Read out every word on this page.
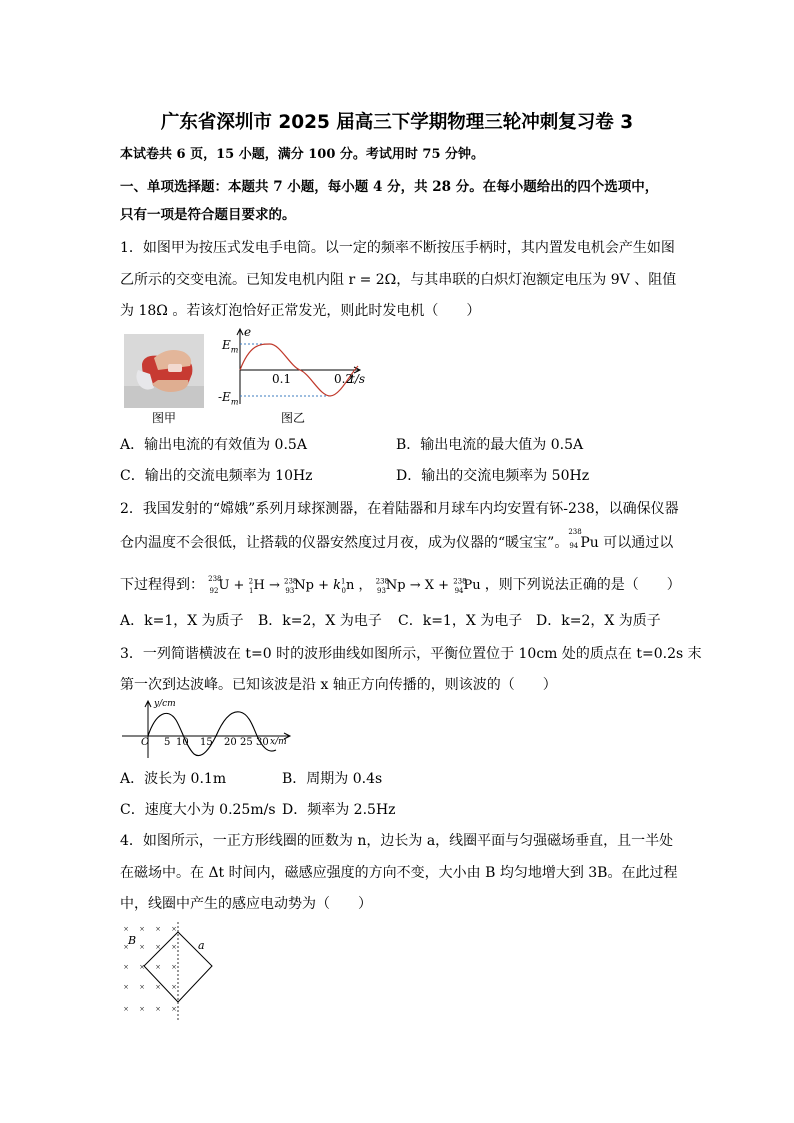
广东省深圳市 2025 届高三下学期物理三轮冲刺复习卷 3
本试卷共 6 页，15 小题，满分 100 分。考试用时 75 分钟。
一、单项选择题：本题共 7 小题，每小题 4 分，共 28 分。在每小题给出的四个选项中，
只有一项是符合题目要求的。
1．如图甲为按压式发电手电筒。以一定的频率不断按压手柄时，其内置发电机会产生如图
乙所示的交变电流。已知发电机内阻 r = 2Ω，与其串联的白炽灯泡额定电压为 9V 、阻值
为 18Ω 。若该灯泡恰好正常发光，则此时发电机（　　）
图甲
e
$E_m$
$-E_m$
0.1	0.2
t/s
图乙
A．输出电流的有效值为 0.5A	B．输出电流的最大值为 0.5A
C．输出的交流电频率为 10Hz	D．输出的交流电频率为 50Hz
2．我国发射的“嫦娥”系列月球探测器，在着陆器和月球车内均安置有钚-238，以确保仪器
仓内温度不会很低，让搭载的仪器安然度过月夜，成为仪器的“暖宝宝”。
238
94 Pu 可以通过以
下过程得到： $^{238}_{92}U + ^2_1H \to ^{238}_{93}Np + k^1_0n$ ， $^{238}_{93}$Np → X + $^{238}_{94}$Pu ，则下列说法正确的是（　　）
A．k=1，X 为质子 B．k=2，X 为电子 C．k=1，X 为电子 D．k=2，X 为质子
3．一列简谐横波在 t=0 时的波形曲线如图所示，平衡位置位于 10cm 处的质点在 t=0.2s 末
第一次到达波峰。已知该波是沿 x 轴正方向传播的，则该波的（　　）
y/cm
O 5 10 15 20 25 30 x/m
A．波长为 0.1m	B．周期为 0.4s
C．速度大小为 0.25m/s D．频率为 2.5Hz
4．如图所示，一正方形线圈的匝数为 n，边长为 a，线圈平面与匀强磁场垂直，且一半处
在磁场中。在 Δt 时间内，磁感应强度的方向不变，大小由 B 均匀地增大到 3B。在此过程
中，线圈中产生的感应电动势为（　　）
× × × ×
× × ×
×
× × × ×
× × × ×
× × × ×
B	a
